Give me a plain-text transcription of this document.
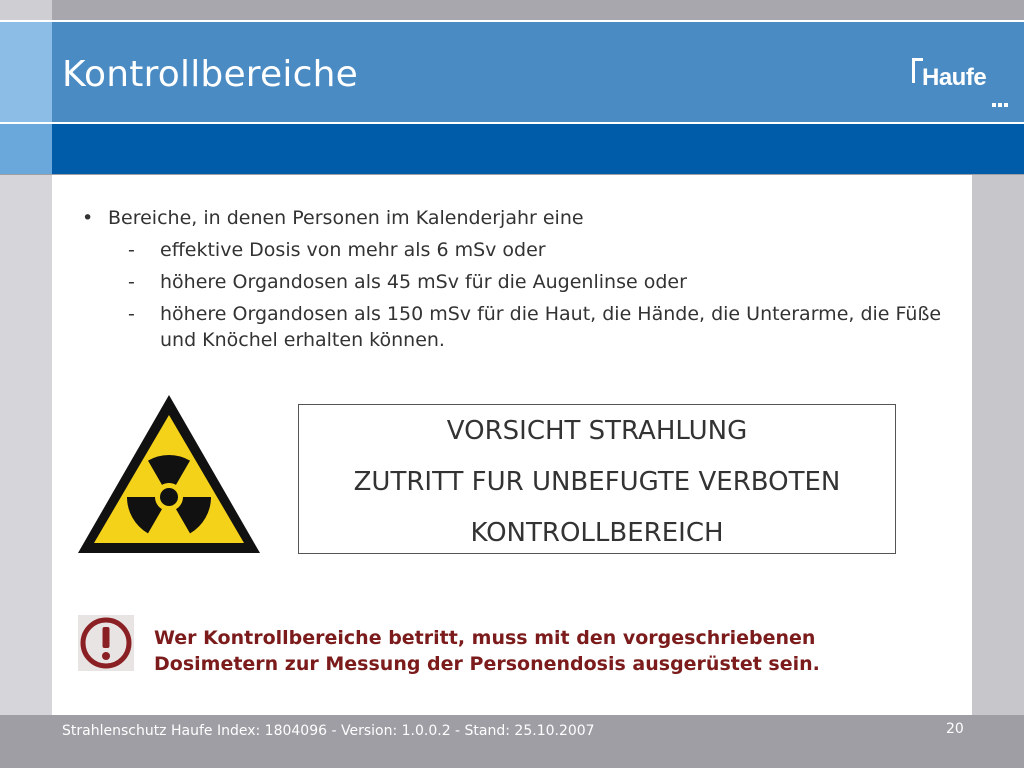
Kontrollbereiche	Haufe
• Bereiche, in denen Personen im Kalenderjahr eine
- effektive Dosis von mehr als 6 mSv oder
- höhere Organdosen als 45 mSv für die Augenlinse oder
- höhere Organdosen als 150 mSv für die Haut, die Hände, die Unterarme, die Füße und Knöchel erhalten können.
VORSICHT STRAHLUNG
ZUTRITT FUR UNBEFUGTE VERBOTEN
KONTROLLBEREICH
Wer Kontrollbereiche betritt, muss mit den vorgeschriebenen
Dosimetern zur Messung der Personendosis ausgerüstet sein.
Strahlenschutz Haufe Index: 1804096 - Version: 1.0.0.2 - Stand: 25.10.2007	20
